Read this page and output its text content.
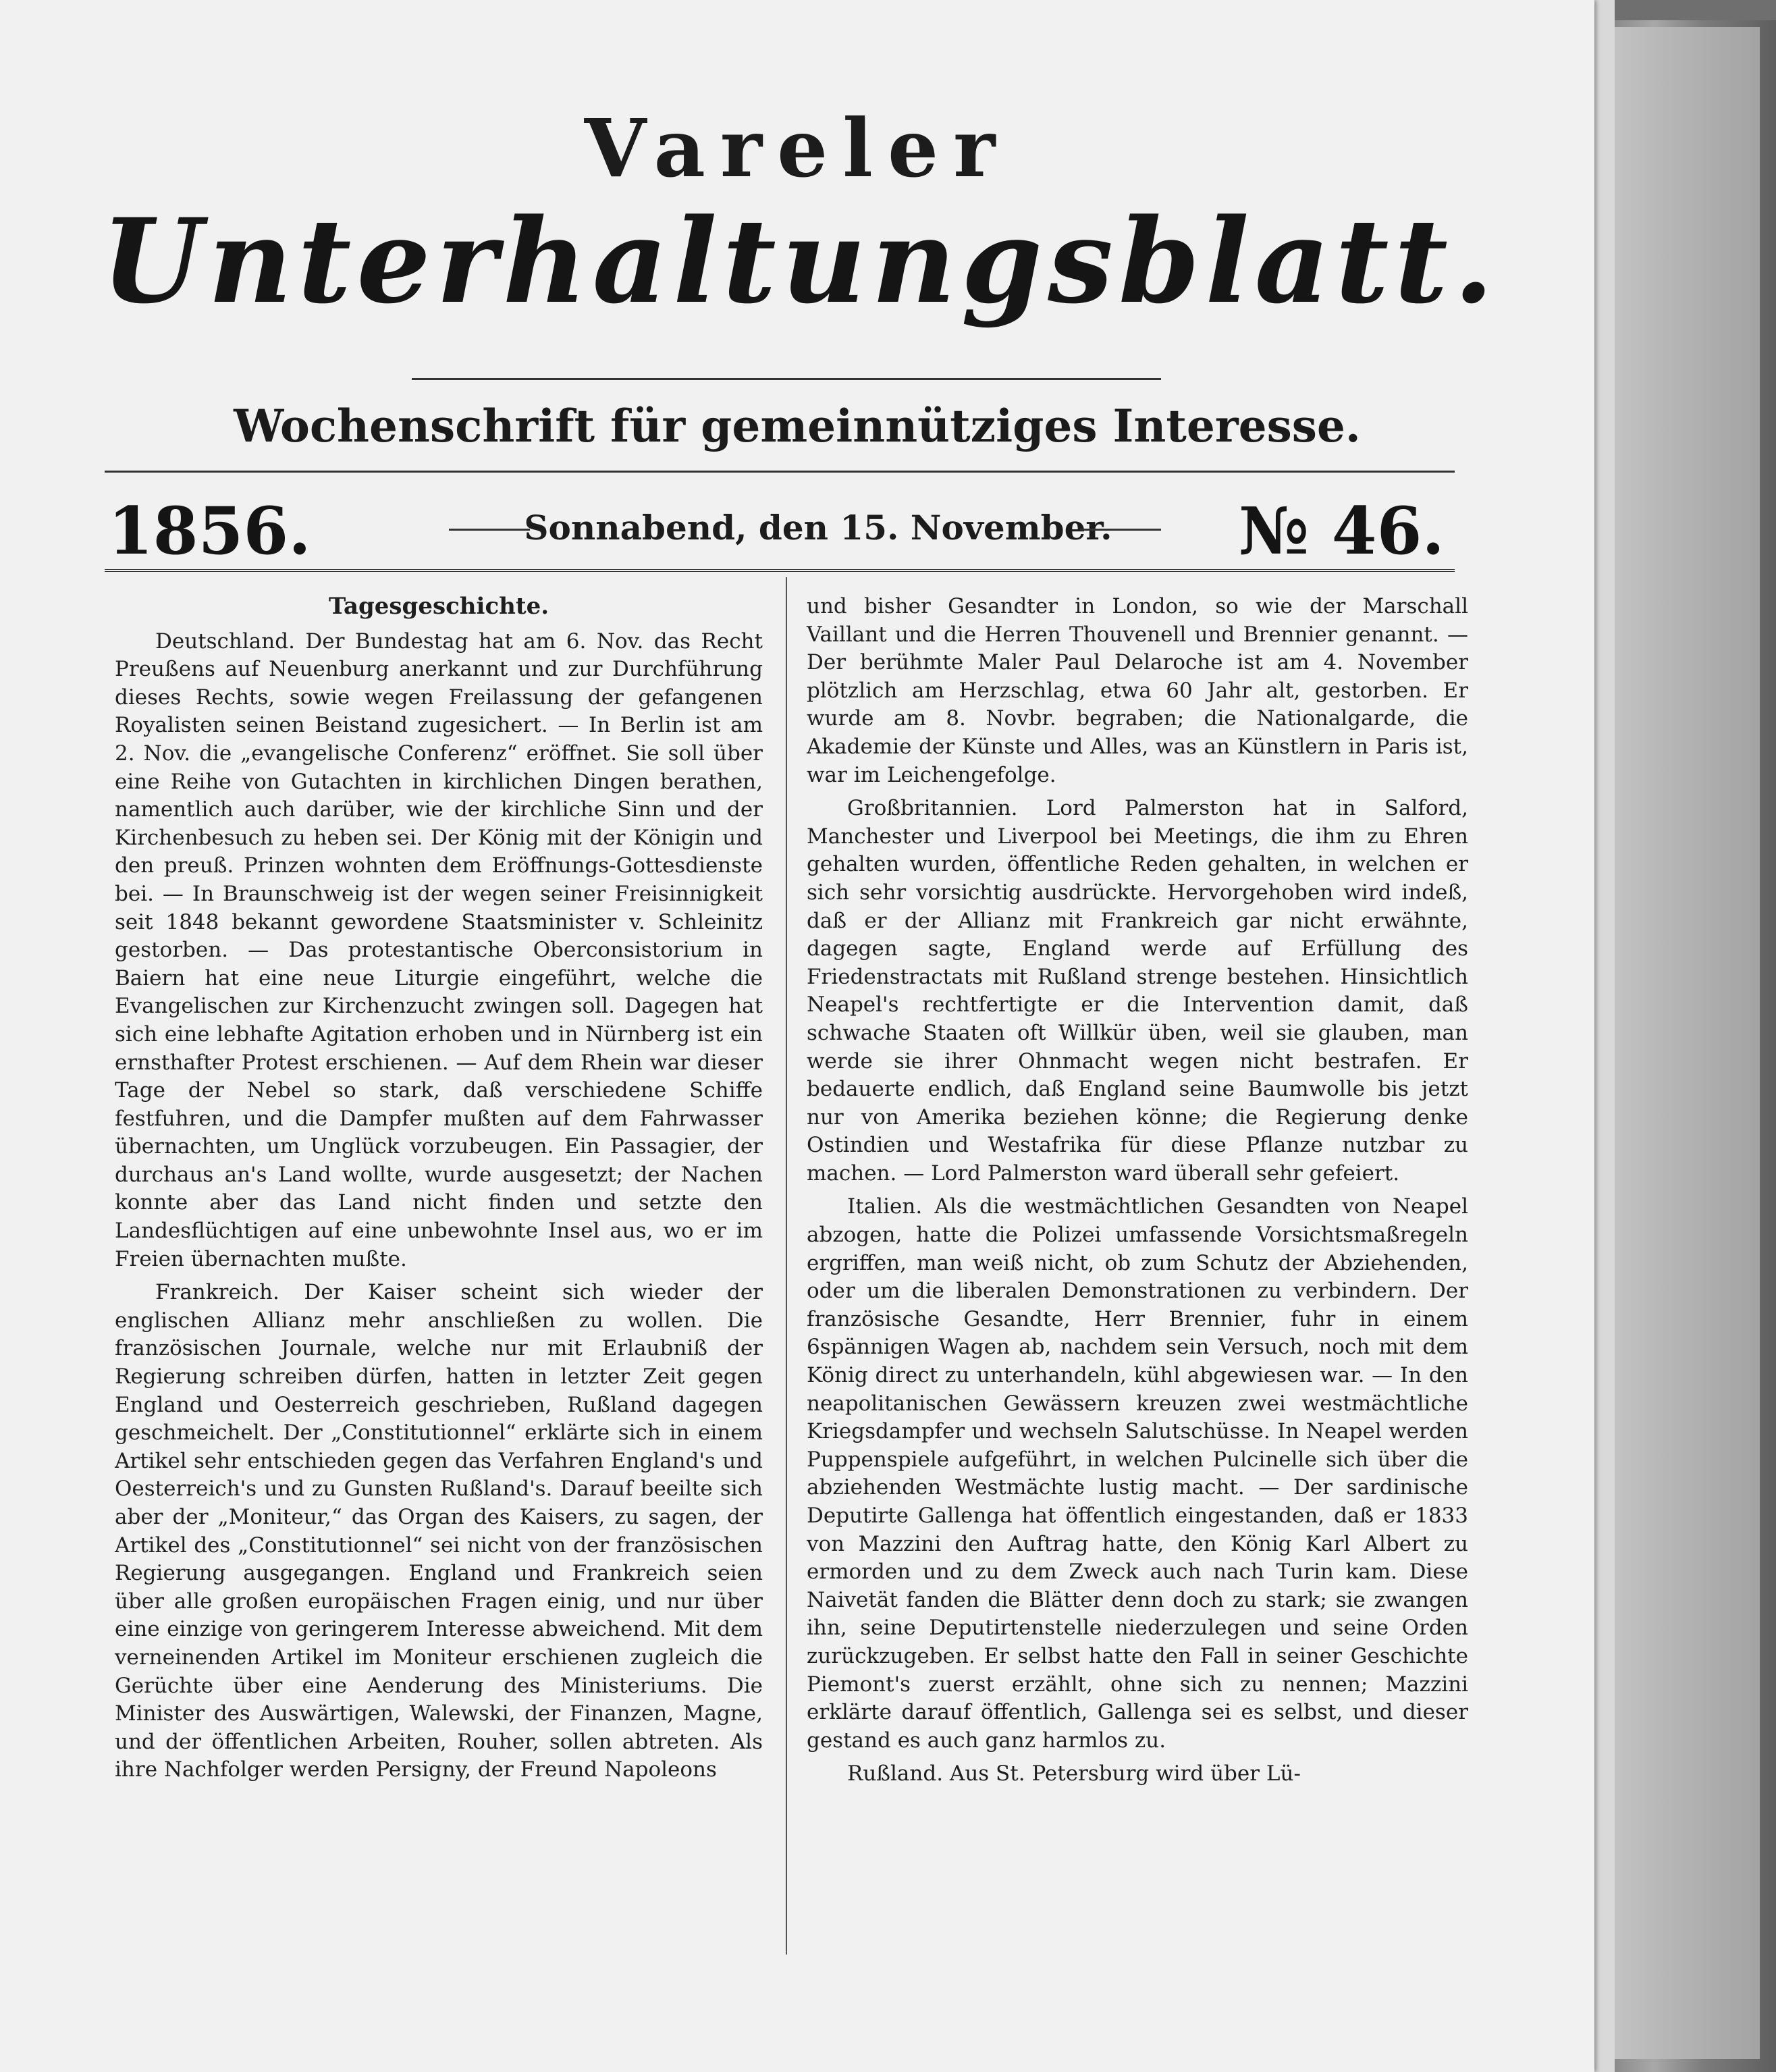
Vareler
Unterhaltungsblatt.
Wochenschrift für gemeinnütziges Interesse.
1856.	Sonnabend, den 15. November.	№ 46.
Tagesgeschichte.

Deutschland. Der Bundestag hat am 6. Nov. das Recht Preußens auf Neuenburg anerkannt und zur Durchführung dieses Rechts, sowie wegen Freilassung der gefangenen Royalisten seinen Beistand zugesichert. — In Berlin ist am 2. Nov. die „evangelische Conferenz“ eröffnet. Sie soll über eine Reihe von Gutachten in kirchlichen Dingen berathen, namentlich auch darüber, wie der kirchliche Sinn und der Kirchenbesuch zu heben sei. Der König mit der Königin und den preuß. Prinzen wohnten dem Eröffnungs-Gottesdienste bei. — In Braunschweig ist der wegen seiner Freisinnigkeit seit 1848 bekannt gewordene Staatsminister v. Schleinitz gestorben. — Das protestantische Oberconsistorium in Baiern hat eine neue Liturgie eingeführt, welche die Evangelischen zur Kirchenzucht zwingen soll. Dagegen hat sich eine lebhafte Agitation erhoben und in Nürnberg ist ein ernsthafter Protest erschienen. — Auf dem Rhein war dieser Tage der Nebel so stark, daß verschiedene Schiffe festfuhren, und die Dampfer mußten auf dem Fahrwasser übernachten, um Unglück vorzubeugen. Ein Passagier, der durchaus an's Land wollte, wurde ausgesetzt; der Nachen konnte aber das Land nicht finden und setzte den Landesflüchtigen auf eine unbewohnte Insel aus, wo er im Freien übernachten mußte.

Frankreich. Der Kaiser scheint sich wieder der englischen Allianz mehr anschließen zu wollen. Die französischen Journale, welche nur mit Erlaubniß der Regierung schreiben dürfen, hatten in letzter Zeit gegen England und Oesterreich geschrieben, Rußland dagegen geschmeichelt. Der „Constitutionnel“ erklärte sich in einem Artikel sehr entschieden gegen das Verfahren England's und Oesterreich's und zu Gunsten Rußland's. Darauf beeilte sich aber der „Moniteur,“ das Organ des Kaisers, zu sagen, der Artikel des „Constitutionnel“ sei nicht von der französischen Regierung ausgegangen. England und Frankreich seien über alle großen europäischen Fragen einig, und nur über eine einzige von geringerem Interesse abweichend. Mit dem verneinenden Artikel im Moniteur erschienen zugleich die Gerüchte über eine Aenderung des Ministeriums. Die Minister des Auswärtigen, Walewski, der Finanzen, Magne, und der öffentlichen Arbeiten, Rouher, sollen abtreten. Als ihre Nachfolger werden Persigny, der Freund Napoleons

und bisher Gesandter in London, so wie der Marschall Vaillant und die Herren Thouvenell und Brennier genannt. — Der berühmte Maler Paul Delaroche ist am 4. November plötzlich am Herzschlag, etwa 60 Jahr alt, gestorben. Er wurde am 8. Novbr. begraben; die Nationalgarde, die Akademie der Künste und Alles, was an Künstlern in Paris ist, war im Leichengefolge.

Großbritannien. Lord Palmerston hat in Salford, Manchester und Liverpool bei Meetings, die ihm zu Ehren gehalten wurden, öffentliche Reden gehalten, in welchen er sich sehr vorsichtig ausdrückte. Hervorgehoben wird indeß, daß er der Allianz mit Frankreich gar nicht erwähnte, dagegen sagte, England werde auf Erfüllung des Friedenstractats mit Rußland strenge bestehen. Hinsichtlich Neapel's rechtfertigte er die Intervention damit, daß schwache Staaten oft Willkür üben, weil sie glauben, man werde sie ihrer Ohnmacht wegen nicht bestrafen. Er bedauerte endlich, daß England seine Baumwolle bis jetzt nur von Amerika beziehen könne; die Regierung denke Ostindien und Westafrika für diese Pflanze nutzbar zu machen. — Lord Palmerston ward überall sehr gefeiert.

Italien. Als die westmächtlichen Gesandten von Neapel abzogen, hatte die Polizei umfassende Vorsichtsmaßregeln ergriffen, man weiß nicht, ob zum Schutz der Abziehenden, oder um die liberalen Demonstrationen zu verbindern. Der französische Gesandte, Herr Brennier, fuhr in einem 6spännigen Wagen ab, nachdem sein Versuch, noch mit dem König direct zu unterhandeln, kühl abgewiesen war. — In den neapolitanischen Gewässern kreuzen zwei westmächtliche Kriegsdampfer und wechseln Salutschüsse. In Neapel werden Puppenspiele aufgeführt, in welchen Pulcinelle sich über die abziehenden Westmächte lustig macht. — Der sardinische Deputirte Gallenga hat öffentlich eingestanden, daß er 1833 von Mazzini den Auftrag hatte, den König Karl Albert zu ermorden und zu dem Zweck auch nach Turin kam. Diese Naivetät fanden die Blätter denn doch zu stark; sie zwangen ihn, seine Deputirtenstelle niederzulegen und seine Orden zurückzugeben. Er selbst hatte den Fall in seiner Geschichte Piemont's zuerst erzählt, ohne sich zu nennen; Mazzini erklärte darauf öffentlich, Gallenga sei es selbst, und dieser gestand es auch ganz harmlos zu.

Rußland. Aus St. Petersburg wird über Lü-
